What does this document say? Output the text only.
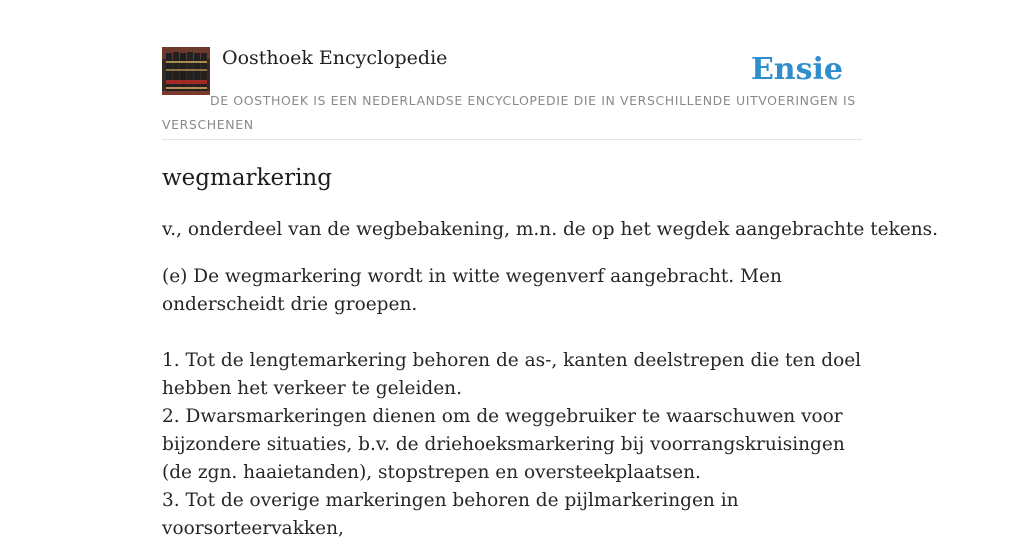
Oosthoek Encyclopedie	Ensie
DE OOSTHOEK IS EEN NEDERLANDSE ENCYCLOPEDIE DIE IN VERSCHILLENDE UITVOERINGEN IS VERSCHENEN
wegmarkering

v., onderdeel van de wegbebakening, m.n. de op het wegdek aangebrachte tekens.

(e) De wegmarkering wordt in witte wegenverf aangebracht. Men onderscheidt drie groepen.

1. Tot de lengtemarkering behoren de as-, kanten deelstrepen die ten doel hebben het verkeer te geleiden.
2. Dwarsmarkeringen dienen om de weggebruiker te waarschuwen voor bijzondere situaties, b.v. de driehoeksmarkering bij voorrangskruisingen (de zgn. haaietanden), stopstrepen en oversteekplaatsen.
3. Tot de overige markeringen behoren de pijlmarkeringen in voorsorteervakken,
